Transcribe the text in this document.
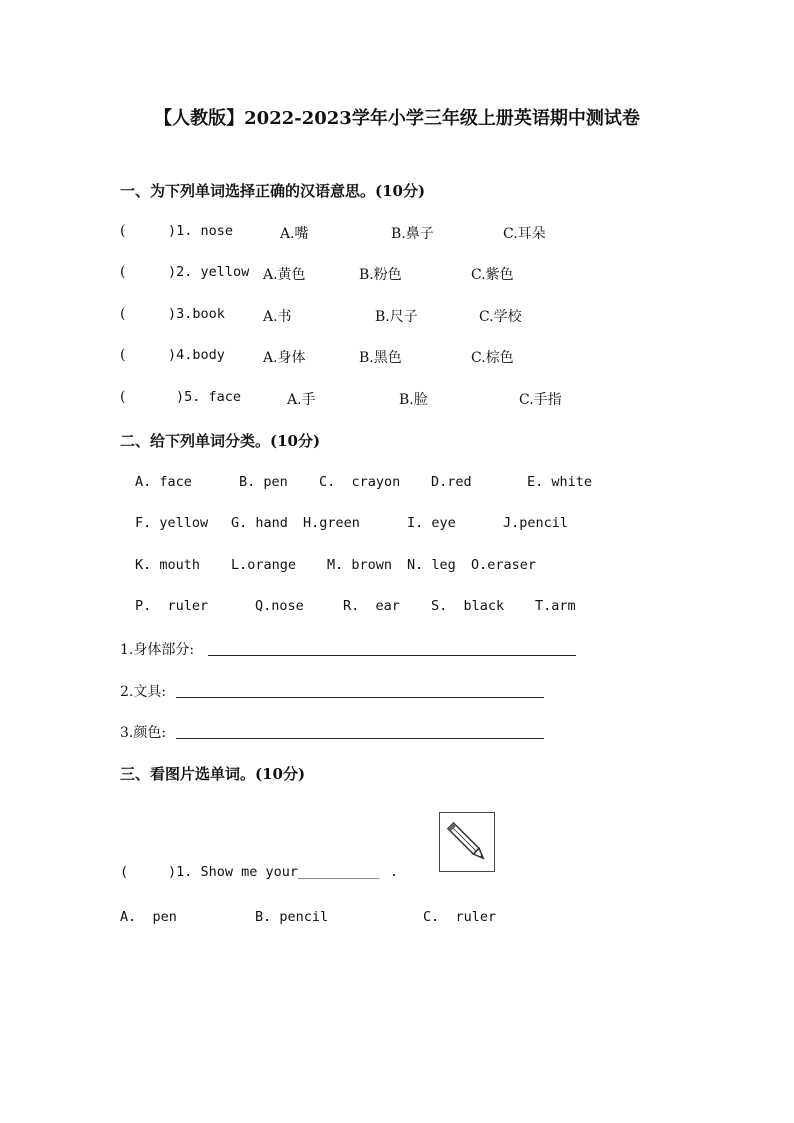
【人教版】2022-2023学年小学三年级上册英语期中测试卷
一、为下列单词选择正确的汉语意思。(10分)
(	)1. nose	A.嘴	B.鼻子	C.耳朵
(	)2. yellow A.黄色	B.粉色	C.紫色
(	)3.book	A.书	B.尺子	C.学校
(	)4.body	A.身体	B.黑色	C.棕色
(	)5. face	A.手	B.脸	C.手指
二、给下列单词分类。(10分)
A. face	B. pen C.  crayon D.red	E. white
F. yellow G. hand H.green	I. eye	J.pencil
K. mouth L.orange M. brown N. leg O.eraser
P.  ruler	Q.nose	R.  ear S.  black T.arm
1.身体部分:
2.文具:
3.颜色:
三、看图片选单词。(10分)
(	)1. Show me your__________ .
A.  pen	B. pencil	C.  ruler
